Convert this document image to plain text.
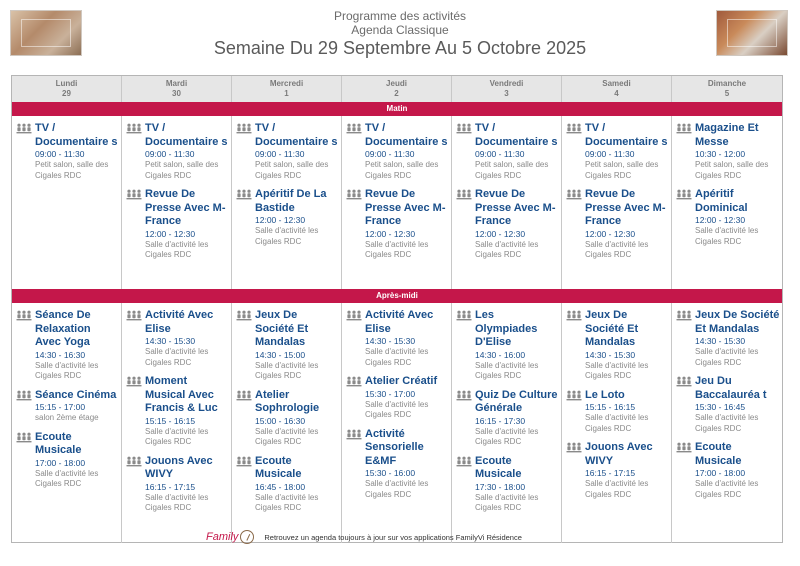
Programme des activités
Agenda Classique
Semaine Du 29 Septembre Au 5 Octobre 2025
Lundi
29
Mardi
30
Mercredi
1
Jeudi
2
Vendredi
3
Samedi
4
Dimanche
5
Matin
TV / Documentaire s
09:00 - 11:30
Petit salon, salle des Cigales RDC
TV / Documentaire s
09:00 - 11:30
Petit salon, salle des Cigales RDC
Revue De Presse Avec M-France
12:00 - 12:30
Salle d'activité les Cigales RDC
TV / Documentaire s
09:00 - 11:30
Petit salon, salle des Cigales RDC
Apéritif De La Bastide
12:00 - 12:30
Salle d'activité les Cigales RDC
TV / Documentaire s
09:00 - 11:30
Petit salon, salle des Cigales RDC
Revue De Presse Avec M-France
12:00 - 12:30
Salle d'activité les Cigales RDC
TV / Documentaire s
09:00 - 11:30
Petit salon, salle des Cigales RDC
Revue De Presse Avec M-France
12:00 - 12:30
Salle d'activité les Cigales RDC
TV / Documentaire s
09:00 - 11:30
Petit salon, salle des Cigales RDC
Revue De Presse Avec M-France
12:00 - 12:30
Salle d'activité les Cigales RDC
Magazine Et Messe
10:30 - 12:00
Petit salon, salle des Cigales RDC
Apéritif Dominical
12:00 - 12:30
Salle d'activité les Cigales RDC
Après-midi
Séance De Relaxation Avec Yoga
14:30 - 16:30
Salle d'activité les Cigales RDC
Séance Cinéma
15:15 - 17:00
salon 2ème étage
Ecoute Musicale
17:00 - 18:00
Salle d'activité les Cigales RDC
Activité Avec Elise
14:30 - 15:30
Salle d'activité les Cigales RDC
Moment Musical Avec Francis & Luc
15:15 - 16:15
Salle d'activité les Cigales RDC
Jouons Avec WIVY
16:15 - 17:15
Salle d'activité les Cigales RDC
Jeux De Société Et Mandalas
14:30 - 15:00
Salle d'activité les Cigales RDC
Atelier Sophrologie
15:00 - 16:30
Salle d'activité les Cigales RDC
Ecoute Musicale
16:45 - 18:00
Salle d'activité les Cigales RDC
Activité Avec Elise
14:30 - 15:30
Salle d'activité les Cigales RDC
Atelier Créatif
15:30 - 17:00
Salle d'activité les Cigales RDC
Activité Sensorielle E&MF
15:30 - 16:00
Salle d'activité les Cigales RDC
Les Olympiades D'Elise
14:30 - 16:00
Salle d'activité les Cigales RDC
Quiz De Culture Générale
16:15 - 17:30
Salle d'activité les Cigales RDC
Ecoute Musicale
17:30 - 18:00
Salle d'activité les Cigales RDC
Jeux De Société Et Mandalas
14:30 - 15:30
Salle d'activité les Cigales RDC
Le Loto
15:15 - 16:15
Salle d'activité les Cigales RDC
Jouons Avec WIVY
16:15 - 17:15
Salle d'activité les Cigales RDC
Jeux De Société Et Mandalas
14:30 - 15:30
Salle d'activité les Cigales RDC
Jeu Du Baccalauréa t
15:30 - 16:45
Salle d'activité les Cigales RDC
Ecoute Musicale
17:00 - 18:00
Salle d'activité les Cigales RDC
Family	Retrouvez un agenda toujours à jour sur vos applications FamilyVi Résidence
